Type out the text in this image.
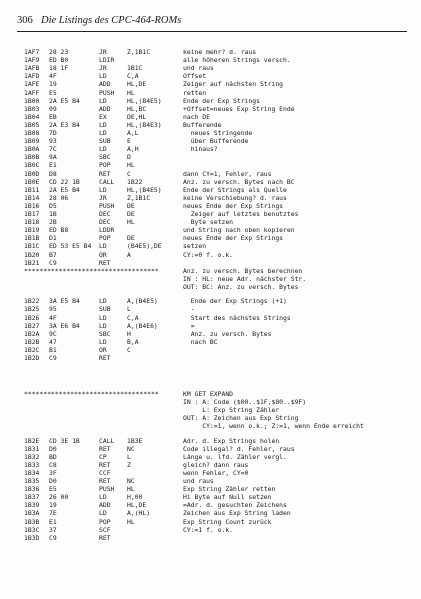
306 Die Listings des CPC-464-ROMs
1AF7 28 23	JR	Z,1B1C	keine mehr? d. raus
1AF9 ED B0	LDIR	alle höheren Strings versch.
1AFB 18 1F	JR	1B1C	und raus
1AFD 4F	LD	C,A	Offset
1AFE 19	ADD	HL,DE	Zeiger auf nächsten String
1AFF E5	PUSH HL	retten
1B00 2A E5 B4	LD	HL,(B4E5)	Ende der Exp Strings
1B03 09	ADD	HL,BC	+Offset=neues Exp String Ende
1B04 EB	EX	DE,HL	nach DE
1B05 2A E3 B4	LD	HL,(B4E3)	Bufferende
1B08 7D	LD	A,L	neues Stringende
1B09 93	SUB	E	über Bufferende
1B0A 7C	LD	A,H	hinaus?
1B0B 9A	SBC	D
1B0C E1	POP	HL
1B0D D8	RET	C	dann CY=1, Fehler, raus
1B0E CD 22 1B	CALL 1B22	Anz. zu versch. Bytes nach BC
1B11 2A E5 B4	LD	HL,(B4E5)	Ende der Strings als Quelle
1B14 28 06	JR	Z,1B1C	keine Verschiebung? d. raus
1B16 D5	PUSH DE	neues Ende der Exp Strings
1B17 1B	DEC	DE	Zeiger auf letztes benutztes
1B18 2B	DEC	HL	Byte setzen
1B19 ED B8	LDDR	und String nach oben kopieren
1B1B D1	POP	DE	neues Ende der Exp Strings
1B1C ED 53 E5 B4 LD	(B4E5),DE	setzen
1B20 B7	OR	A	CY:=0 f. o.k.
1B21 C9	RET
Anz. zu versch. Bytes berechnen
***********************************
IN : HL: neue Adr. nächster Str.
OUT: BC: Anz. zu versch. Bytes
1B22 3A E5 B4	LD	A,(B4E5)	Ende der Exp Strings (+1)
1B25 95	SUB	L	-
1B26 4F	LD	C,A	Start des nächstes Strings
1B27 3A E6 B4	LD	A,(B4E6)	=
1B2A 9C	SBC	H	Anz. zu versch. Bytes
1B2B 47	LD	B,A	nach BC
1B2C B1	OR	C
1B2D C9	RET
KM GET EXPAND
***********************************
IN : A: Code ($00..$1F,$80..$9F)
L: Exp String Zähler
OUT: A: Zeichen aus Exp String
CY:=1, wenn o.k.; Z:=1, wenn Ende erreicht
1B2E CD 3E 1B	CALL 1B3E	Adr. d. Exp Strings holen
1B31 D0	RET	NC	Code illegal? d. Fehler, raus
1B32 BD	CP	L	Länge u. lfd. Zähler vergl.
1B33 C8	RET	Z	gleich? dann raus
1B34 3F	CCF	wenn Fehler, CY=0
1B35 D0	RET	NC	und raus
1B36 E5	PUSH HL	Exp String Zähler retten
1B37 26 00	LD	H,00	Hi Byte auf Null setzen
1B39 19	ADD	HL,DE	=Adr. d. gesuchten Zeichens
1B3A 7E	LD	A,(HL)	Zeichen aus Exp String laden
1B3B E1	POP	HL	Exp String Count zurück
1B3C 37	SCF	CY:=1 f. o.k.
1B3D C9	RET
